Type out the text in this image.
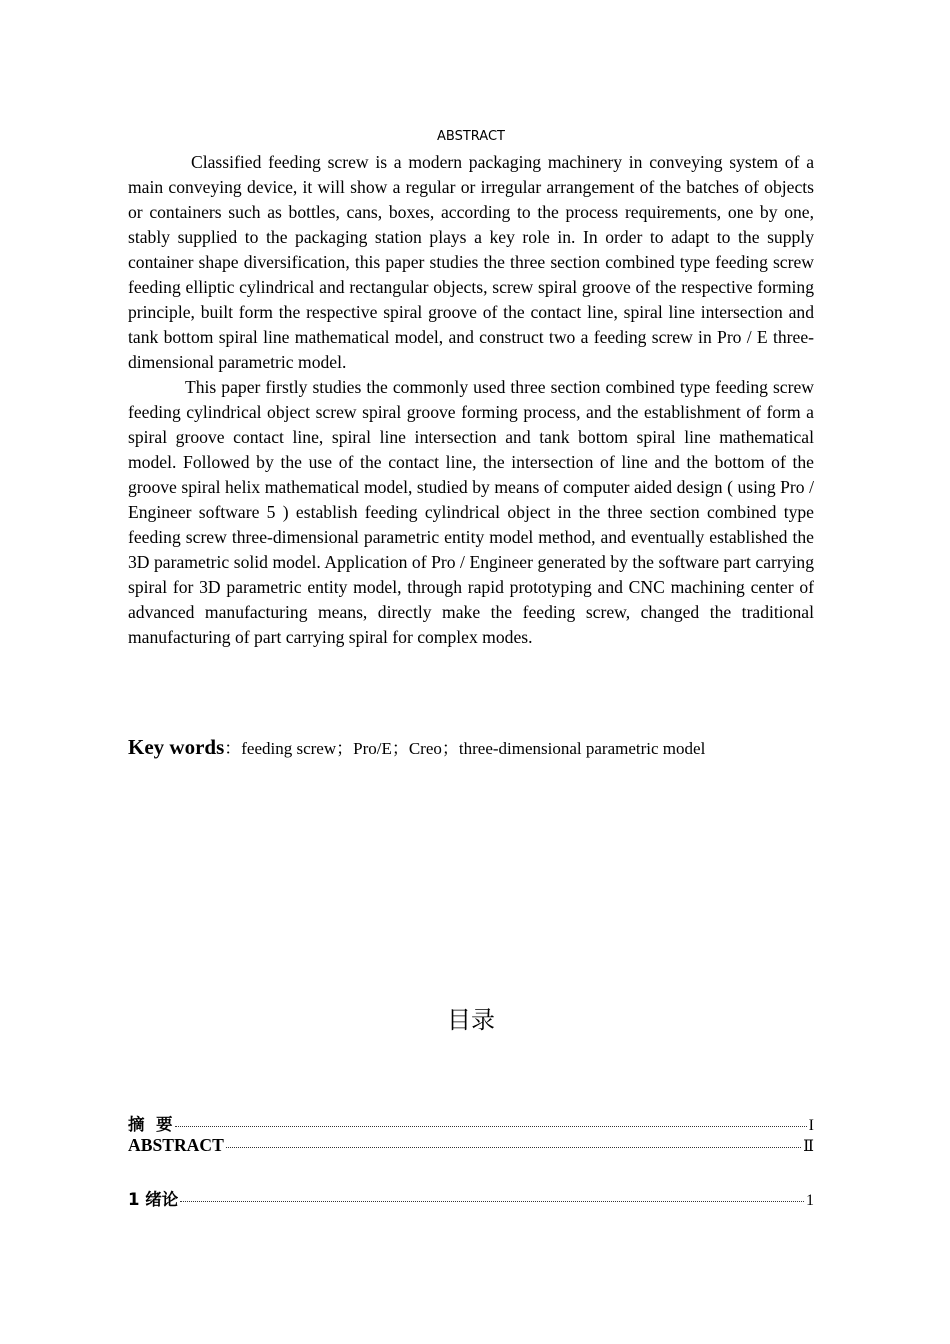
ABSTRACT

Classified feeding screw is a modern packaging machinery in conveying system of a main conveying device, it will show a regular or irregular arrangement of the batches of objects or containers such as bottles, cans, boxes, according to the process requirements, one by one, stably supplied to the packaging station plays a key role in. In order to adapt to the supply container shape diversification, this paper studies the three section combined type feeding screw feeding elliptic cylindrical and rectangular objects, screw spiral groove of the respective forming principle, built form the respective spiral groove of the contact line, spiral line intersection and tank bottom spiral line mathematical model, and construct two a feeding screw in Pro / E three-dimensional parametric model.

This paper firstly studies the commonly used three section combined type feeding screw feeding cylindrical object screw spiral groove forming process, and the establishment of form a spiral groove contact line, spiral line intersection and tank bottom spiral line mathematical model. Followed by the use of the contact line, the intersection of line and the bottom of the groove spiral helix mathematical model, studied by means of computer aided design ( using Pro / Engineer software 5 ) establish feeding cylindrical object in the three section combined type feeding screw three-dimensional parametric entity model method, and eventually established the 3D parametric solid model. Application of Pro / Engineer generated by the software part carrying spiral for 3D parametric entity model, through rapid prototyping and CNC machining center of advanced manufacturing means, directly make the feeding screw, changed the traditional manufacturing of part carrying spiral for complex modes.

Key words：feeding screw；Pro/E；Creo；three-dimensional parametric model
目录
摘  要	I
ABSTRACT	Ⅱ
1 绪论	1
